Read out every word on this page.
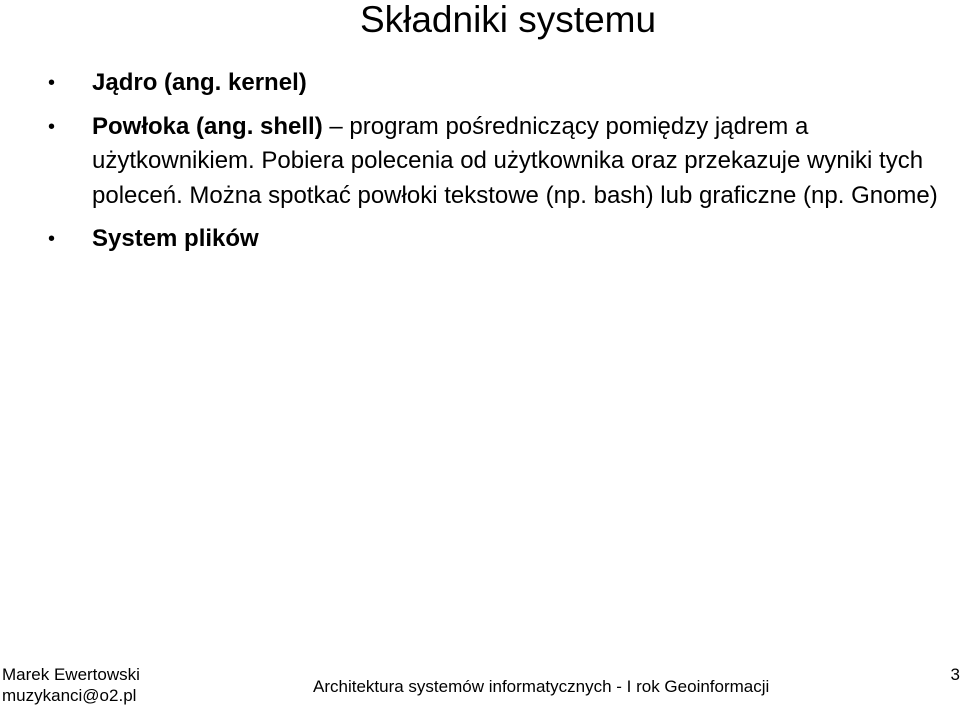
Składniki systemu
•	Jądro (ang. kernel)
•	Powłoka (ang. shell) – program pośredniczący pomiędzy jądrem a użytkownikiem. Pobiera polecenia od użytkownika oraz przekazuje wyniki tych poleceń. Można spotkać powłoki tekstowe (np. bash) lub graficzne (np. Gnome)
•	System plików
Marek Ewertowski
muzykanci@o2.pl	Architektura systemów informatycznych - I rok Geoinformacji
3
